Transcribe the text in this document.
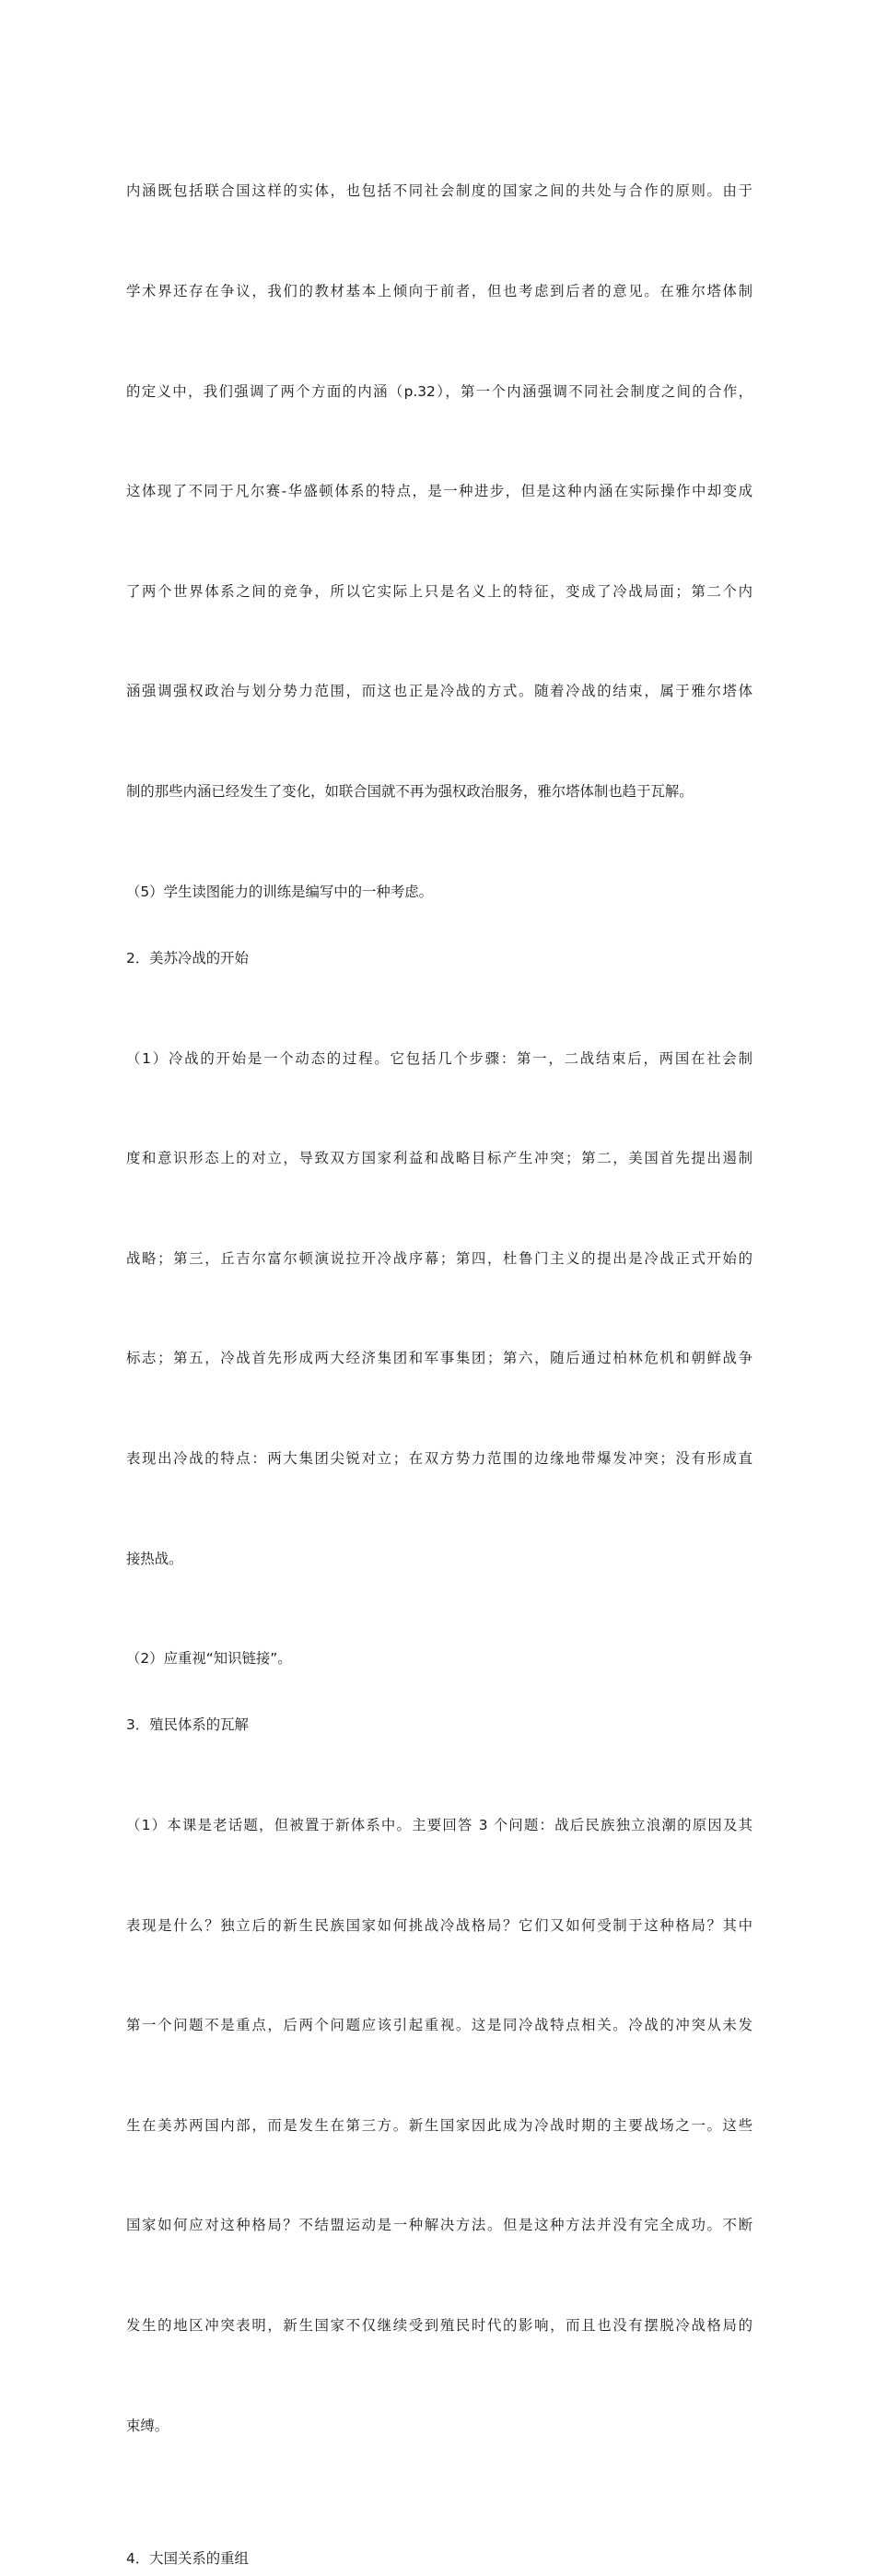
内涵既包括联合国这样的实体，也包括不同社会制度的国家之间的共处与合作的原则。由于

学术界还存在争议，我们的教材基本上倾向于前者，但也考虑到后者的意见。在雅尔塔体制

的定义中，我们强调了两个方面的内涵（p.32），第一个内涵强调不同社会制度之间的合作，

这体现了不同于凡尔赛-华盛顿体系的特点，是一种进步，但是这种内涵在实际操作中却变成

了两个世界体系之间的竞争，所以它实际上只是名义上的特征，变成了冷战局面；第二个内

涵强调强权政治与划分势力范围，而这也正是冷战的方式。随着冷战的结束，属于雅尔塔体

制的那些内涵已经发生了变化，如联合国就不再为强权政治服务，雅尔塔体制也趋于瓦解。

（5）学生读图能力的训练是编写中的一种考虑。
2．美苏冷战的开始

（1）冷战的开始是一个动态的过程。它包括几个步骤：第一，二战结束后，两国在社会制

度和意识形态上的对立，导致双方国家利益和战略目标产生冲突；第二，美国首先提出遏制

战略；第三，丘吉尔富尔顿演说拉开冷战序幕；第四，杜鲁门主义的提出是冷战正式开始的

标志；第五，冷战首先形成两大经济集团和军事集团；第六，随后通过柏林危机和朝鲜战争

表现出冷战的特点：两大集团尖锐对立；在双方势力范围的边缘地带爆发冲突；没有形成直

接热战。

（2）应重视“知识链接”。
3．殖民体系的瓦解

（1）本课是老话题，但被置于新体系中。主要回答 3 个问题：战后民族独立浪潮的原因及其

表现是什么？独立后的新生民族国家如何挑战冷战格局？它们又如何受制于这种格局？其中

第一个问题不是重点，后两个问题应该引起重视。这是同冷战特点相关。冷战的冲突从未发

生在美苏两国内部，而是发生在第三方。新生国家因此成为冷战时期的主要战场之一。这些

国家如何应对这种格局？不结盟运动是一种解决方法。但是这种方法并没有完全成功。不断

发生的地区冲突表明，新生国家不仅继续受到殖民时代的影响，而且也没有摆脱冷战格局的

束缚。

4．大国关系的重组
